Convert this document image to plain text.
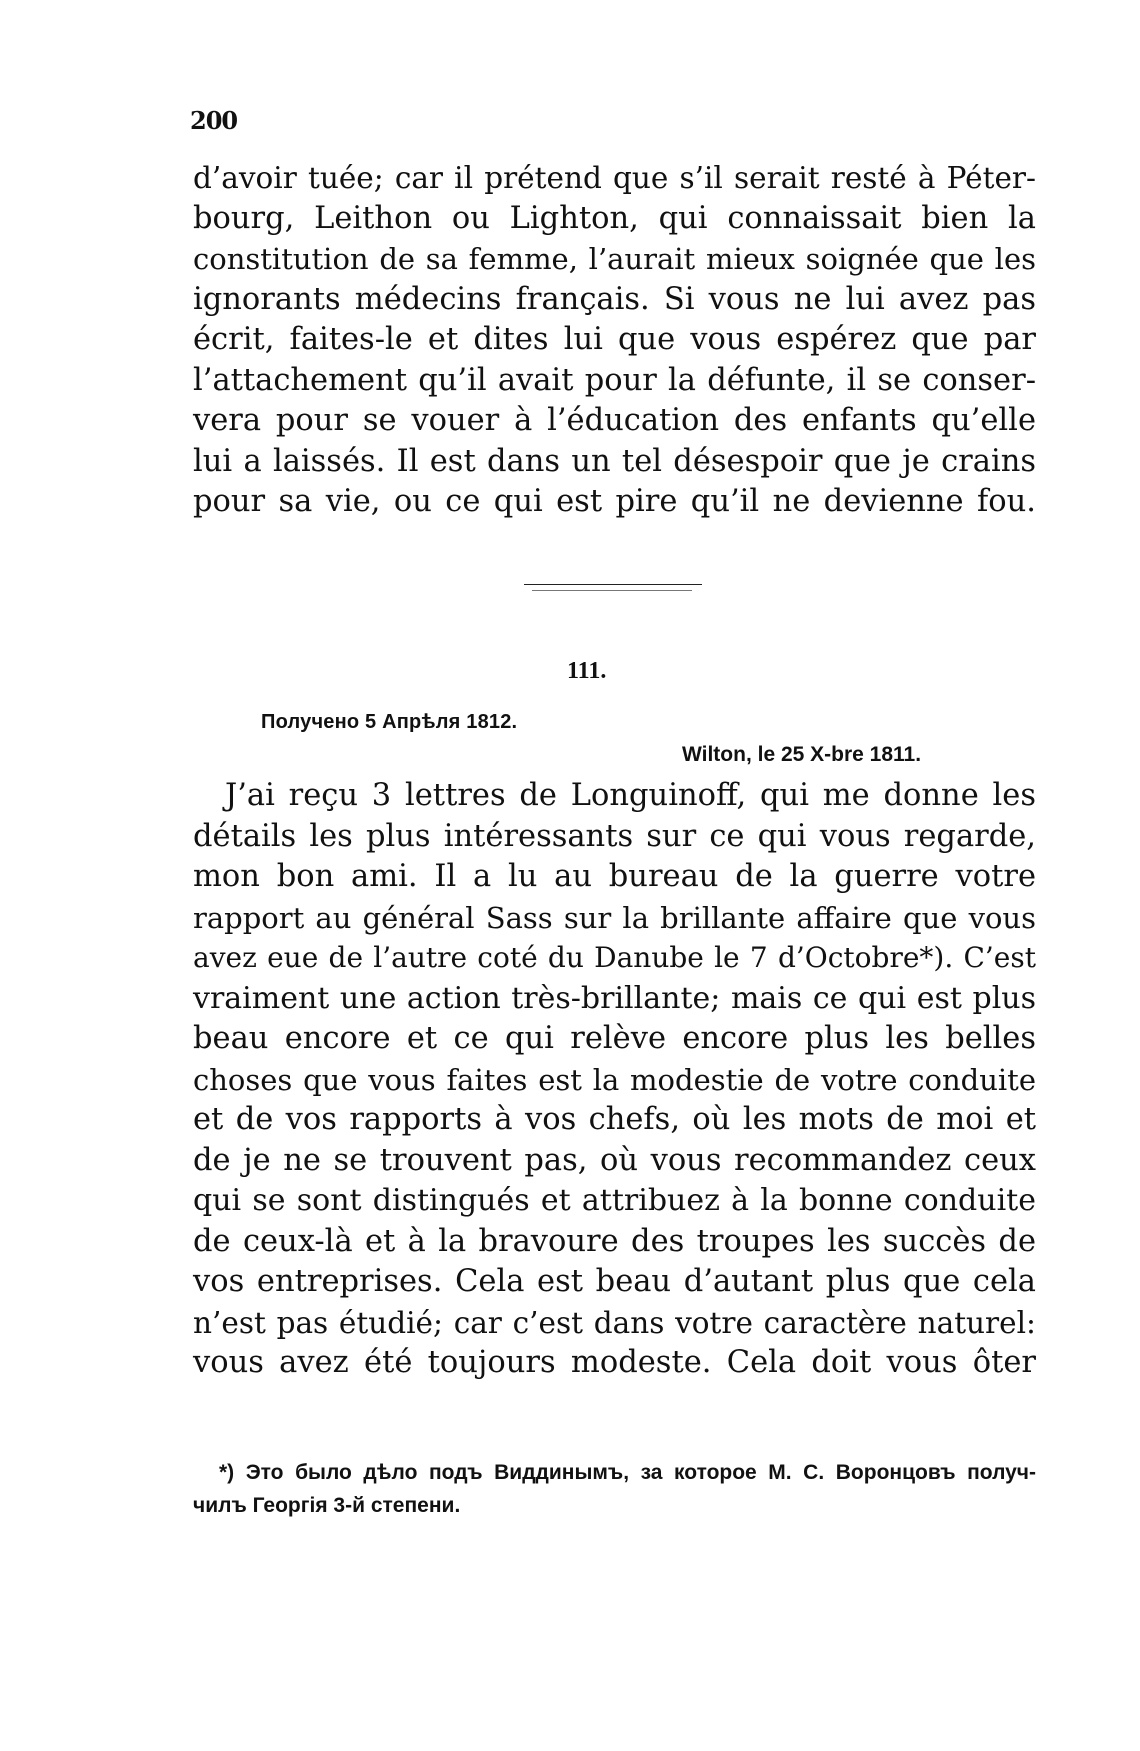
200
d’avoir tuée; car il prétend que s’il serait resté à Péter-
bourg, Leithon ou Lighton, qui connaissait bien la
constitution de sa femme, l’aurait mieux soignée que les
ignorants médecins français. Si vous ne lui avez pas
écrit, faites-le et dites lui que vous espérez que par
l’attachement qu’il avait pour la défunte, il se conser-
vera pour se vouer à l’éducation des enfants qu’elle
lui a laissés. Il est dans un tel désespoir que je crains
pour sa vie, ou ce qui est pire qu’il ne devienne fou.
111.
Получено 5 Апрѣля 1812.
Wilton, le 25 X-bre 1811.
J’ai reçu 3 lettres de Longuinoff, qui me donne les
détails les plus intéressants sur ce qui vous regarde,
mon bon ami. Il a lu au bureau de la guerre votre
rapport au général Sass sur la brillante affaire que vous
avez eue de l’autre coté du Danube le 7 d’Octobre*). C’est
vraiment une action très-brillante; mais ce qui est plus
beau encore et ce qui relève encore plus les belles
choses que vous faites est la modestie de votre conduite
et de vos rapports à vos chefs, où les mots de moi et
de je ne se trouvent pas, où vous recommandez ceux
qui se sont distingués et attribuez à la bonne conduite
de ceux-là et à la bravoure des troupes les succès de
vos entreprises. Cela est beau d’autant plus que cela
n’est pas étudié; car c’est dans votre caractère naturel:
vous avez été toujours modeste. Cela doit vous ôter
*) Это было дѣло подъ Виддинымъ, за которое М. С. Воронцовъ получ-
чилъ Георгія 3-й степени.
